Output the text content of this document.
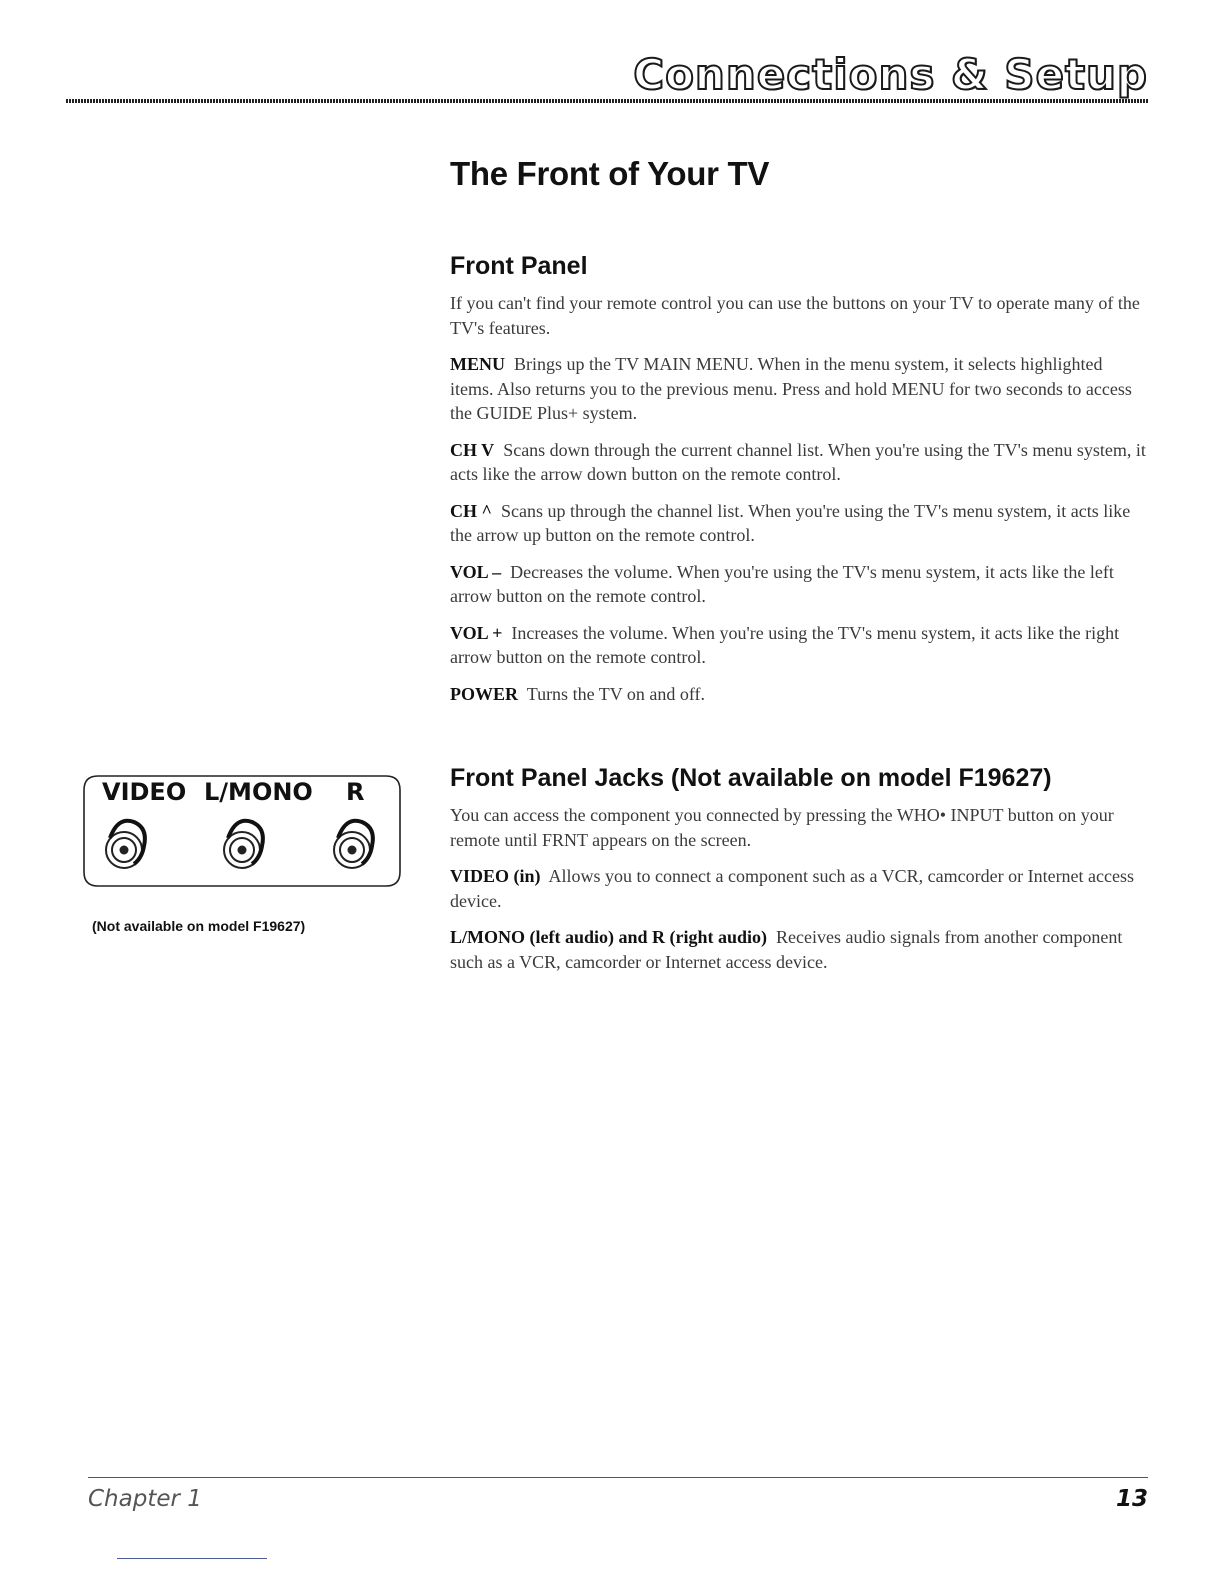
Connections & Setup
The Front of Your TV
Front Panel

If you can't find your remote control you can use the buttons on your TV to operate many of the TV's features.

MENU Brings up the TV MAIN MENU. When in the menu system, it selects highlighted items. Also returns you to the previous menu. Press and hold MENU for two seconds to access the GUIDE Plus+ system.

CH V Scans down through the current channel list. When you're using the TV's menu system, it acts like the arrow down button on the remote control.

CH ^ Scans up through the channel list. When you're using the TV's menu system, it acts like the arrow up button on the remote control.

VOL – Decreases the volume. When you're using the TV's menu system, it acts like the left arrow button on the remote control.

VOL + Increases the volume. When you're using the TV's menu system, it acts like the right arrow button on the remote control.

POWER Turns the TV on and off.

Front Panel Jacks (Not available on model F19627)

You can access the component you connected by pressing the WHO• INPUT button on your remote until FRNT appears on the screen.

VIDEO (in) Allows you to connect a component such as a VCR, camcorder or Internet access device.

L/MONO (left audio) and R (right audio) Receives audio signals from another component such as a VCR, camcorder or Internet access device.

VIDEO L/MONO R
(Not available on model F19627)
Chapter 1	13
